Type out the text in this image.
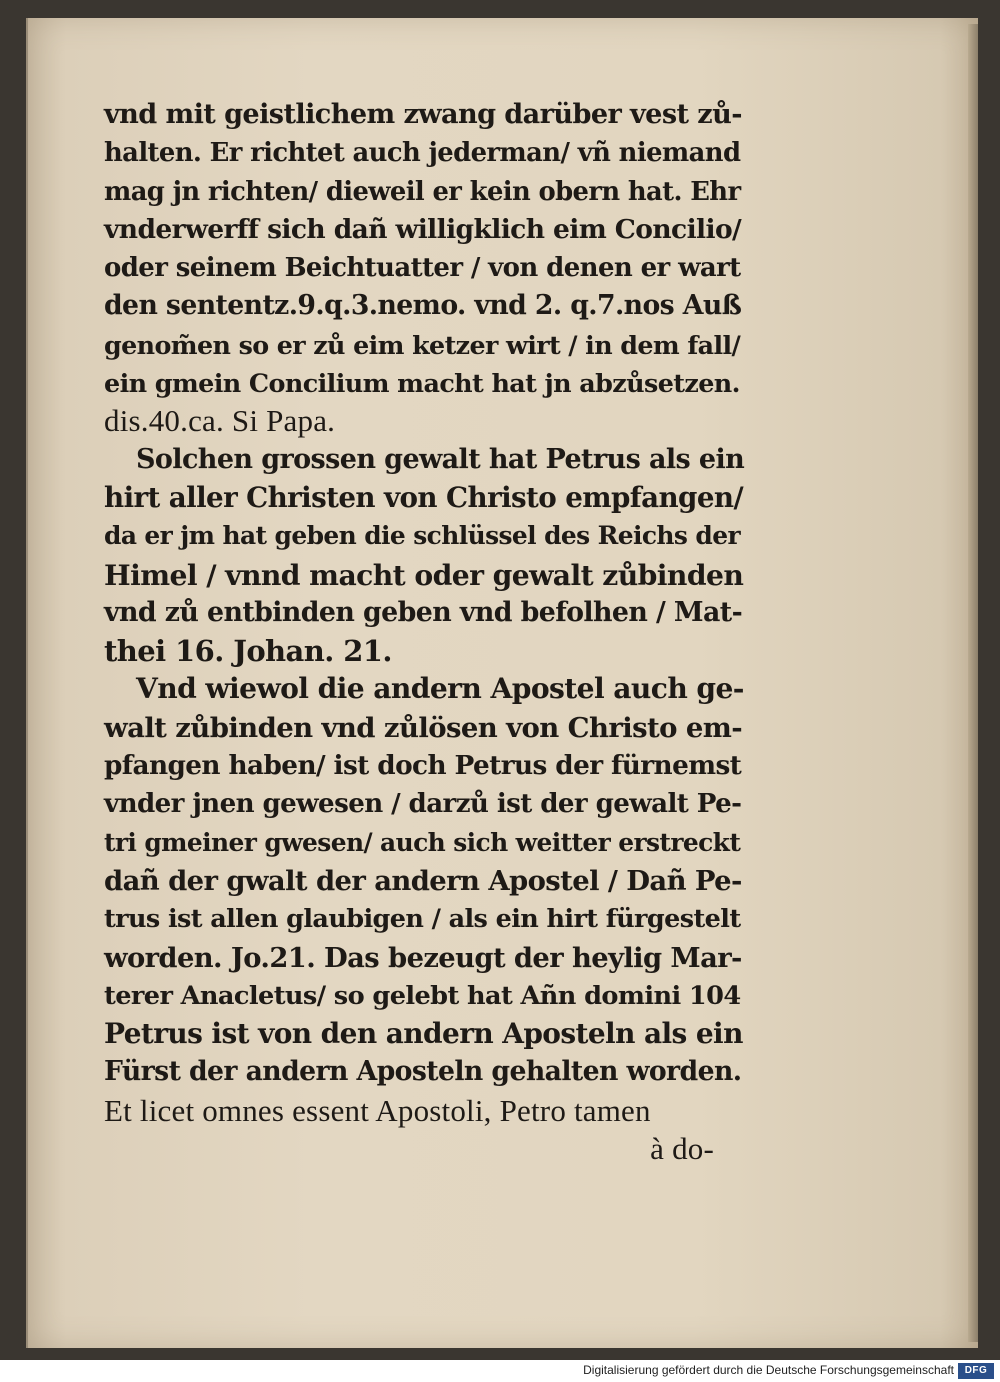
vnd mit geistlichem zwang darüber vest zů-
halten. Er richtet auch jederman/ vñ niemand
mag jn richten/ dieweil er kein obern hat. Ehr
vnderwerff sich dañ willigklich eim Concilio/
oder seinem Beichtuatter / von denen er wart
den sententz.9.q.3.nemo. vnd 2. q.7.nos Auß
genom̃en so er zů eim ketzer wirt / in dem fall/
ein gmein Concilium macht hat jn abzůsetzen.
dis.40.ca. Si Papa.
Solchen grossen gewalt hat Petrus als ein
hirt aller Christen von Christo empfangen/
da er jm hat geben die schlüssel des Reichs der
Himel / vnnd macht oder gewalt zůbinden
vnd zů entbinden geben vnd befolhen / Mat-
thei 16. Johan. 21.
Vnd wiewol die andern Apostel auch ge-
walt zůbinden vnd zůlösen von Christo em-
pfangen haben/ ist doch Petrus der fürnemst
vnder jnen gewesen / darzů ist der gewalt Pe-
tri gmeiner gwesen/ auch sich weitter erstreckt
dañ der gwalt der andern Apostel / Dañ Pe-
trus ist allen glaubigen / als ein hirt fürgestelt
worden. Jo.21. Das bezeugt der heylig Mar-
terer Anacletus/ so gelebt hat Añn domini 104
Petrus ist von den andern Aposteln als ein
Fürst der andern Aposteln gehalten worden.
Et licet omnes essent Apostoli, Petro tamen
à do-
Digitalisierung gefördert durch die Deutsche Forschungsgemeinschaft	DFG
